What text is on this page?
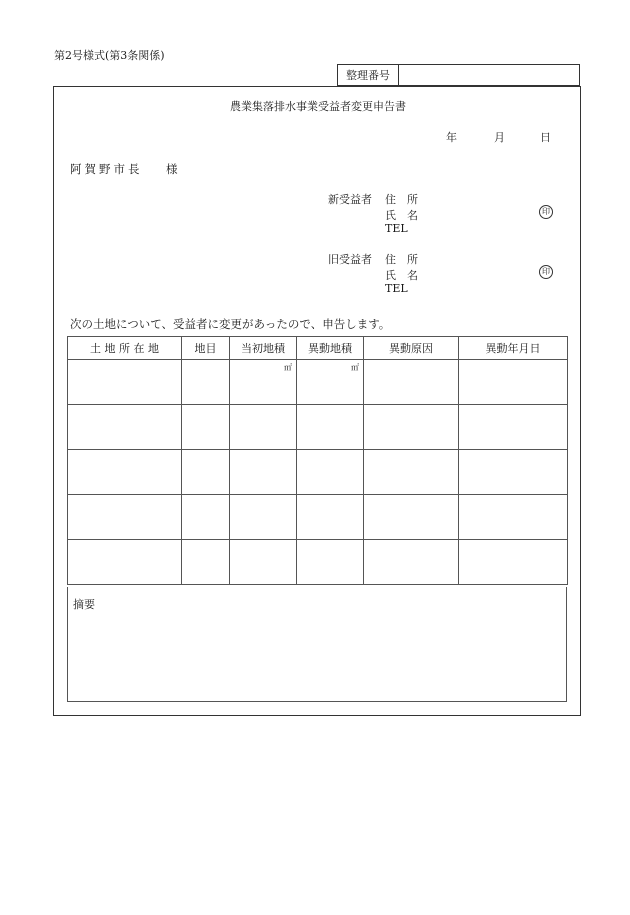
第2号様式(第3条関係)
整理番号
農業集落排水事業受益者変更申告書
年	月	日
阿賀野市長 様
新受益者 住　所
氏　名
TEL
印
旧受益者 住　所
氏　名
TEL
印
次の土地について、受益者に変更があったので、申告します。
土 地 所 在 地	地目	当初地積	異動地積	異動原因	異動年月日

		㎡	㎡		

摘要
